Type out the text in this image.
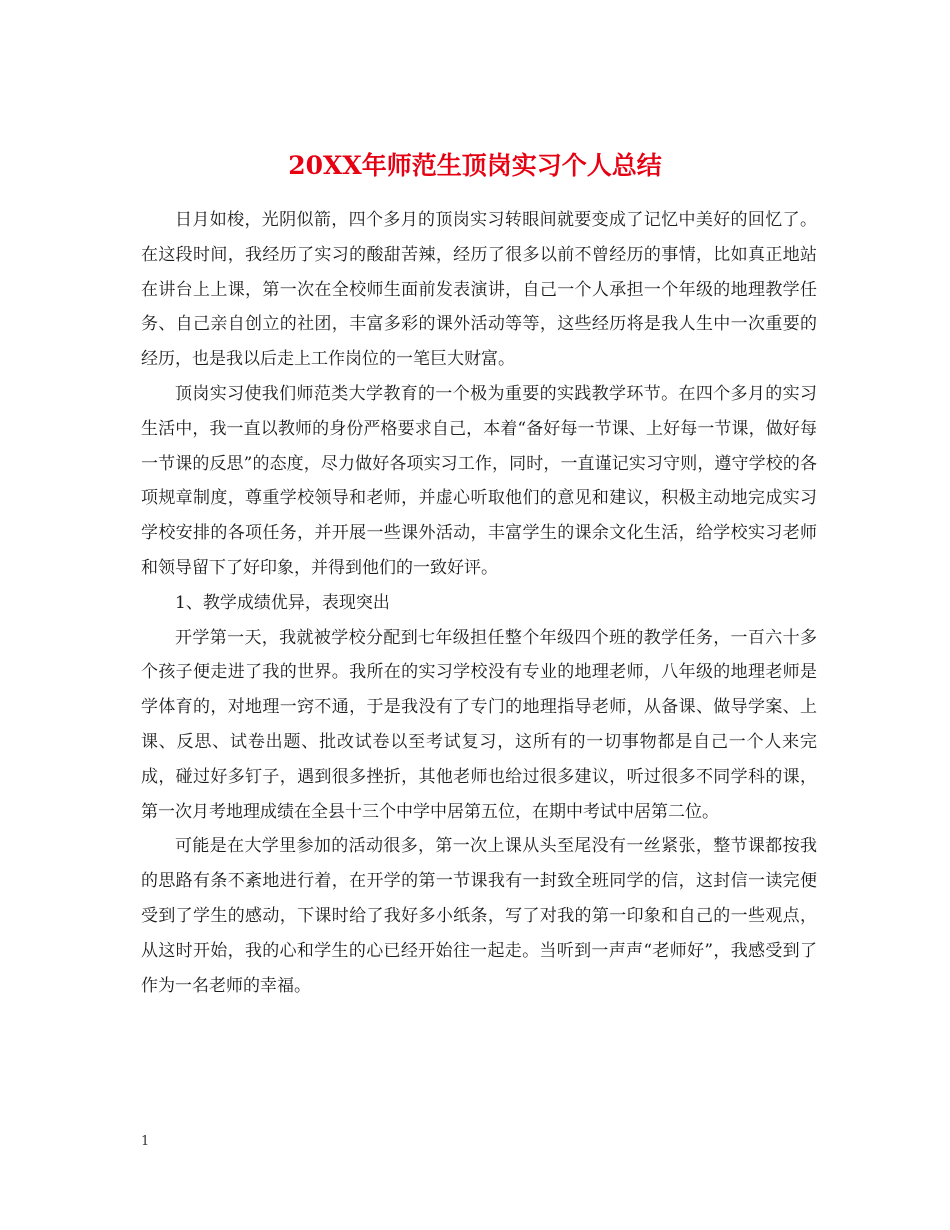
20XX年师范生顶岗实习个人总结

日月如梭，光阴似箭，四个多月的顶岗实习转眼间就要变成了记忆中美好的回忆了。在这段时间，我经历了实习的酸甜苦辣，经历了很多以前不曾经历的事情，比如真正地站在讲台上上课，第一次在全校师生面前发表演讲，自己一个人承担一个年级的地理教学任务、自己亲自创立的社团，丰富多彩的课外活动等等，这些经历将是我人生中一次重要的经历，也是我以后走上工作岗位的一笔巨大财富。

顶岗实习使我们师范类大学教育的一个极为重要的实践教学环节。在四个多月的实习生活中，我一直以教师的身份严格要求自己，本着“备好每一节课、上好每一节课，做好每一节课的反思”的态度，尽力做好各项实习工作，同时，一直谨记实习守则，遵守学校的各项规章制度，尊重学校领导和老师，并虚心听取他们的意见和建议，积极主动地完成实习学校安排的各项任务，并开展一些课外活动，丰富学生的课余文化生活，给学校实习老师和领导留下了好印象，并得到他们的一致好评。

1、教学成绩优异，表现突出

开学第一天，我就被学校分配到七年级担任整个年级四个班的教学任务，一百六十多个孩子便走进了我的世界。我所在的实习学校没有专业的地理老师，八年级的地理老师是学体育的，对地理一窍不通，于是我没有了专门的地理指导老师，从备课、做导学案、上课、反思、试卷出题、批改试卷以至考试复习，这所有的一切事物都是自己一个人来完成，碰过好多钉子，遇到很多挫折，其他老师也给过很多建议，听过很多不同学科的课，第一次月考地理成绩在全县十三个中学中居第五位，在期中考试中居第二位。

可能是在大学里参加的活动很多，第一次上课从头至尾没有一丝紧张，整节课都按我的思路有条不紊地进行着，在开学的第一节课我有一封致全班同学的信，这封信一读完便受到了学生的感动，下课时给了我好多小纸条，写了对我的第一印象和自己的一些观点，从这时开始，我的心和学生的心已经开始往一起走。当听到一声声“老师好”，我感受到了作为一名老师的幸福。

1
